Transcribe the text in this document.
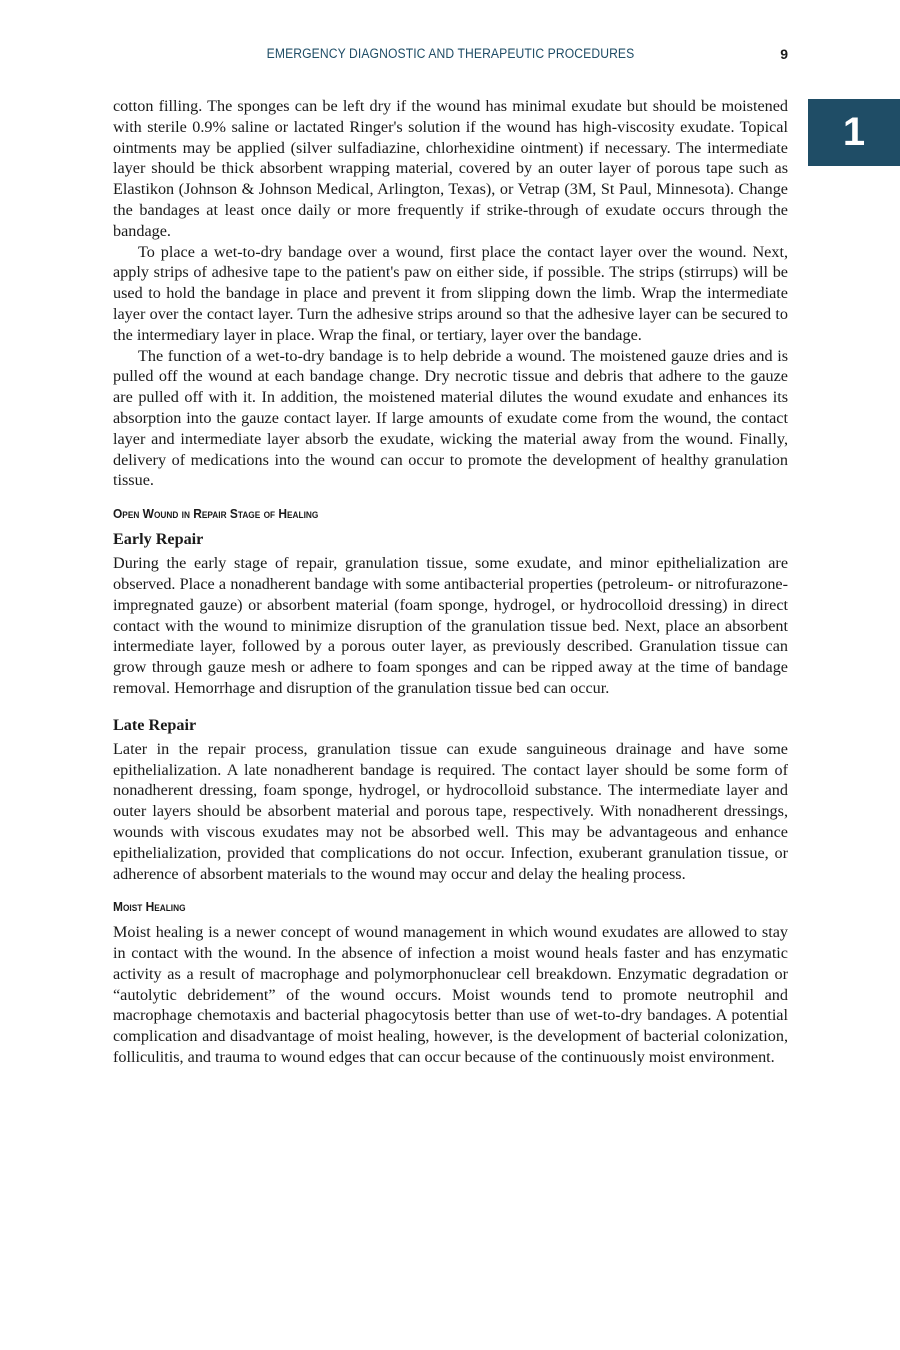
EMERGENCY DIAGNOSTIC AND THERAPEUTIC PROCEDURES	9
1

cotton filling. The sponges can be left dry if the wound has minimal exudate but should be moistened with sterile 0.9% saline or lactated Ringer's solution if the wound has high-viscosity exudate. Topical ointments may be applied (silver sulfadiazine, chlorhexidine ointment) if necessary. The intermediate layer should be thick absorbent wrapping material, covered by an outer layer of porous tape such as Elastikon (Johnson & Johnson Medical, Arlington, Texas), or Vetrap (3M, St Paul, Minnesota). Change the bandages at least once daily or more frequently if strike-through of exudate occurs through the bandage.

To place a wet-to-dry bandage over a wound, first place the contact layer over the wound. Next, apply strips of adhesive tape to the patient's paw on either side, if possible. The strips (stirrups) will be used to hold the bandage in place and prevent it from slipping down the limb. Wrap the intermediate layer over the contact layer. Turn the adhesive strips around so that the adhesive layer can be secured to the intermediary layer in place. Wrap the final, or tertiary, layer over the bandage.

The function of a wet-to-dry bandage is to help debride a wound. The moistened gauze dries and is pulled off the wound at each bandage change. Dry necrotic tissue and debris that adhere to the gauze are pulled off with it. In addition, the moistened material dilutes the wound exudate and enhances its absorption into the gauze contact layer. If large amounts of exudate come from the wound, the contact layer and intermediate layer absorb the exudate, wicking the material away from the wound. Finally, delivery of medications into the wound can occur to promote the development of healthy granulation tissue.

Open Wound in Repair Stage of Healing
Early Repair

During the early stage of repair, granulation tissue, some exudate, and minor epithelialization are observed. Place a nonadherent bandage with some antibacterial properties (petroleum- or nitrofurazone-impregnated gauze) or absorbent material (foam sponge, hydrogel, or hydrocolloid dressing) in direct contact with the wound to minimize disruption of the granulation tissue bed. Next, place an absorbent intermediate layer, followed by a porous outer layer, as previously described. Granulation tissue can grow through gauze mesh or adhere to foam sponges and can be ripped away at the time of bandage removal. Hemorrhage and disruption of the granulation tissue bed can occur.

Late Repair

Later in the repair process, granulation tissue can exude sanguineous drainage and have some epithelialization. A late nonadherent bandage is required. The contact layer should be some form of nonadherent dressing, foam sponge, hydrogel, or hydrocolloid substance. The intermediate layer and outer layers should be absorbent material and porous tape, respectively. With nonadherent dressings, wounds with viscous exudates may not be absorbed well. This may be advantageous and enhance epithelialization, provided that complications do not occur. Infection, exuberant granulation tissue, or adherence of absorbent materials to the wound may occur and delay the healing process.

Moist Healing

Moist healing is a newer concept of wound management in which wound exudates are allowed to stay in contact with the wound. In the absence of infection a moist wound heals faster and has enzymatic activity as a result of macrophage and polymorphonuclear cell breakdown. Enzymatic degradation or “autolytic debridement” of the wound occurs. Moist wounds tend to promote neutrophil and macrophage chemotaxis and bacterial phagocytosis better than use of wet-to-dry bandages. A potential complication and disadvantage of moist healing, however, is the development of bacterial colonization, folliculitis, and trauma to wound edges that can occur because of the continuously moist environment.
